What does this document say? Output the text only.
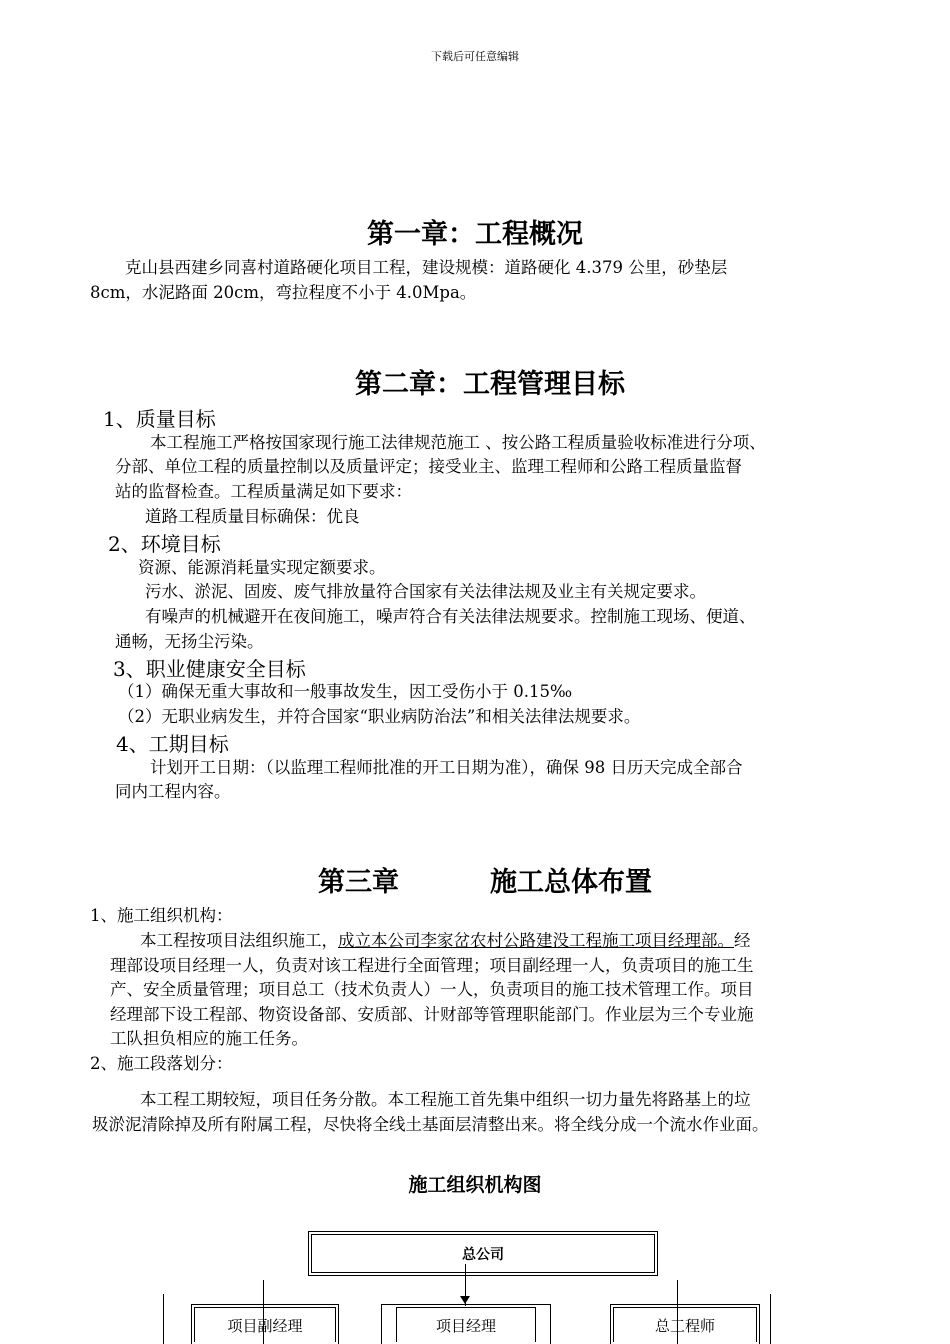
下载后可任意编辑
第一章：工程概况
克山县西建乡同喜村道路硬化项目工程，建设规模：道路硬化 4.379 公里，砂垫层
8cm，水泥路面 20cm，弯拉程度不小于 4.0Mpa。
第二章：工程管理目标
1、质量目标
本工程施工严格按国家现行施工法律规范施工 、按公路工程质量验收标准进行分项、
分部、单位工程的质量控制以及质量评定；接受业主、监理工程师和公路工程质量监督
站的监督检查。工程质量满足如下要求：
道路工程质量目标确保：优良
2、环境目标
资源、能源消耗量实现定额要求。
污水、淤泥、固废、废气排放量符合国家有关法律法规及业主有关规定要求。
有噪声的机械避开在夜间施工，噪声符合有关法律法规要求。控制施工现场、便道、
通畅，无扬尘污染。
3、职业健康安全目标
（1）确保无重大事故和一般事故发生，因工受伤小于 0.15‰
（2）无职业病发生，并符合国家“职业病防治法”和相关法律法规要求。
4、工期目标
计划开工日期：（以监理工程师批准的开工日期为准），确保 98 日历天完成全部合
同内工程内容。
第三章	施工总体布置
1、施工组织机构：
本工程按项目法组织施工，成立本公司李家岔农村公路建没工程施工项目经理部。经
理部设项目经理一人，负责对该工程进行全面管理；项目副经理一人，负责项目的施工生
产、安全质量管理；项目总工（技术负责人）一人，负责项目的施工技术管理工作。项目
经理部下设工程部、物资设备部、安质部、计财部等管理职能部门。作业层为三个专业施
工队担负相应的施工任务。
2、施工段落划分：
本工程工期较短，项目任务分散。本工程施工首先集中组织一切力量先将路基上的垃
圾淤泥清除掉及所有附属工程，尽快将全线土基面层清整出来。将全线分成一个流水作业面。
施工组织机构图
总公司
项目副经理	项目经理	总工程师
